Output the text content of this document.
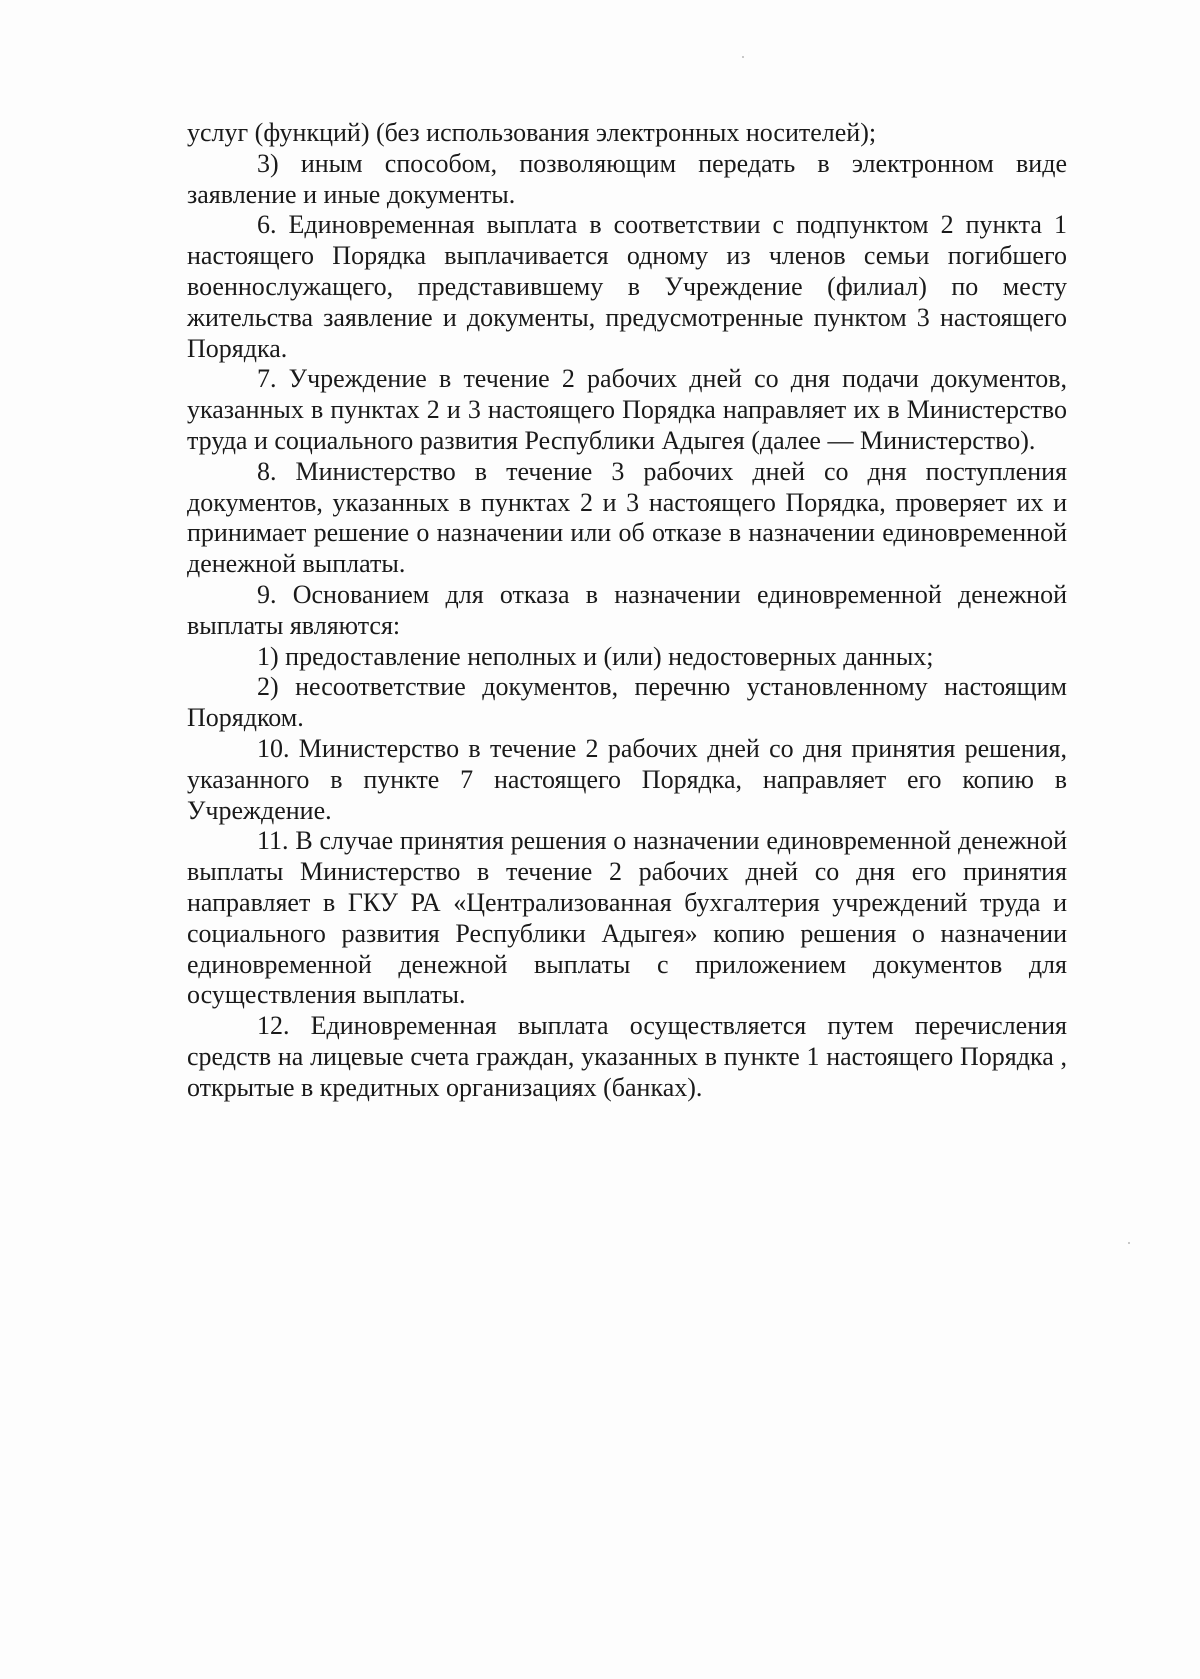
услуг (функций) (без использования электронных носителей);

3) иным способом, позволяющим передать в электронном виде заявление и иные документы.

6. Единовременная выплата в соответствии с подпунктом 2 пункта 1 настоящего Порядка выплачивается одному из членов семьи погибшего военнослужащего, представившему в Учреждение (филиал) по месту жительства заявление и документы, предусмотренные пунктом 3 настоящего Порядка.

7. Учреждение в течение 2 рабочих дней со дня подачи документов, указанных в пунктах 2 и 3 настоящего Порядка направляет их в Министерство труда и социального развития Республики Адыгея (далее — Министерство).

8. Министерство в течение 3 рабочих дней со дня поступления документов, указанных в пунктах 2 и 3 настоящего Порядка, проверяет их и принимает решение о назначении или об отказе в назначении единовременной денежной выплаты.

9. Основанием для отказа в назначении единовременной денежной выплаты являются:

1) предоставление неполных и (или) недостоверных данных;

2) несоответствие документов, перечню установленному настоящим Порядком.

10. Министерство в течение 2 рабочих дней со дня принятия решения, указанного в пункте 7 настоящего Порядка, направляет его копию в Учреждение.

11. В случае принятия решения о назначении единовременной денежной выплаты Министерство в течение 2 рабочих дней со дня его принятия направляет в ГКУ РА «Централизованная бухгалтерия учреждений труда и социального развития Республики Адыгея» копию решения о назначении единовременной денежной выплаты с приложением документов для осуществления выплаты.

12. Единовременная выплата осуществляется путем перечисления средств на лицевые счета граждан, указанных в пункте 1 настоящего Порядка , открытые в кредитных организациях (банках).
